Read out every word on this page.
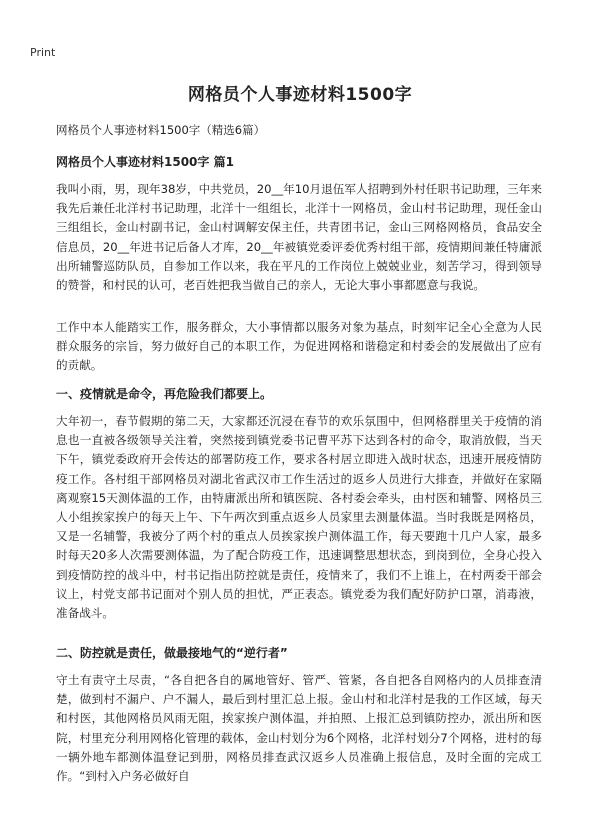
Print
网格员个人事迹材料1500字

网格员个人事迹材料1500字（精选6篇）

网格员个人事迹材料1500字 篇1

我叫小雨，男，现年38岁，中共党员，20__年10月退伍军人招聘到外村任职书记助理，三年来我先后兼任北洋村书记助理，北洋十一组组长，北洋十一网格员，金山村书记助理，现任金山三组组长，金山村副书记，金山村调解安保主任，共青团书记，金山三网格网格员，食品安全信息员，20__年进书记后备人才库，20__年被镇党委评委优秀村组干部，疫情期间兼任特庸派出所辅警巡防队员，自参加工作以来，我在平凡的工作岗位上兢兢业业，刻苦学习，得到领导的赞誉，和村民的认可，老百姓把我当做自己的亲人，无论大事小事都愿意与我说。

工作中本人能踏实工作，服务群众，大小事情都以服务对象为基点，时刻牢记全心全意为人民群众服务的宗旨，努力做好自己的本职工作，为促进网格和谐稳定和村委会的发展做出了应有的贡献。

一、疫情就是命令，再危险我们都要上。

大年初一，春节假期的第二天，大家都还沉浸在春节的欢乐氛围中，但网格群里关于疫情的消息也一直被各级领导关注着，突然接到镇党委书记曹平苏下达到各村的命令，取消放假，当天下午，镇党委政府开会传达的部署防疫工作，要求各村居立即进入战时状态，迅速开展疫情防疫工作。各村组干部网格员对湖北省武汉市工作生活过的返乡人员进行大排查，并做好在家隔离观察15天测体温的工作，由特庸派出所和镇医院、各村委会牵头，由村医和辅警、网格员三人小组挨家挨户的每天上午、下午两次到重点返乡人员家里去测量体温。当时我既是网格员，又是一名辅警，我被分了两个村的重点人员挨家挨户测体温工作，每天要跑十几户人家，最多时每天20多人次需要测体温，为了配合防疫工作，迅速调整思想状态，到岗到位，全身心投入到疫情防控的战斗中，村书记指出防控就是责任，疫情来了，我们不上谁上，在村两委干部会议上，村党支部书记面对个别人员的担忧，严正表态。镇党委为我们配好防护口罩，消毒液，准备战斗。

二、防控就是责任，做最接地气的“逆行者”

守土有责守土尽责，“各自把各自的属地管好、管严、管紧，各自把各自网格内的人员排查清楚，做到村不漏户、户不漏人，最后到村里汇总上报。金山村和北洋村是我的工作区域，每天和村医，其他网格员风雨无阻，挨家挨户测体温，并拍照、上报汇总到镇防控办，派出所和医院，村里充分利用网格化管理的载体，金山村划分为6个网格，北洋村划分7个网格，进村的每一辆外地车都测体温登记到册，网格员排查武汉返乡人员准确上报信息，及时全面的完成工作。“到村入户务必做好自
